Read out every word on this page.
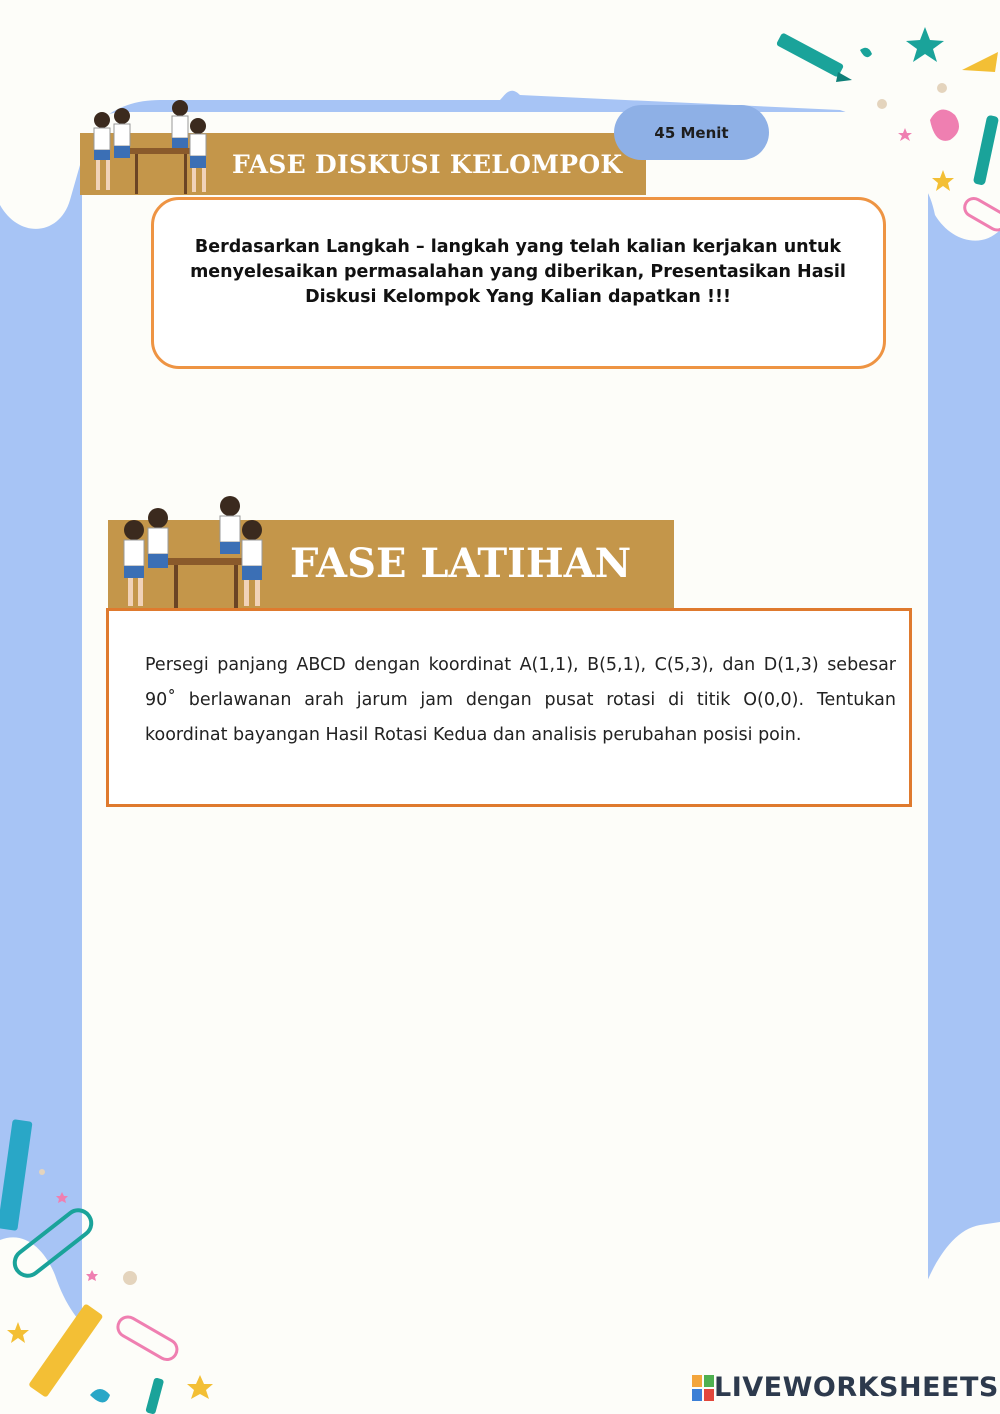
FASE DISKUSI KELOMPOK
45 Menit
Berdasarkan Langkah – langkah yang telah kalian kerjakan untuk menyelesaikan permasalahan yang diberikan, Presentasikan Hasil Diskusi Kelompok Yang Kalian dapatkan !!!
FASE LATIHAN
Persegi panjang ABCD dengan koordinat A(1,1), B(5,1), C(5,3), dan D(1,3) sebesar 90˚ berlawanan arah jarum jam dengan pusat rotasi di titik O(0,0). Tentukan koordinat bayangan Hasil Rotasi Kedua dan analisis perubahan posisi poin.
LIVEWORKSHEETS
